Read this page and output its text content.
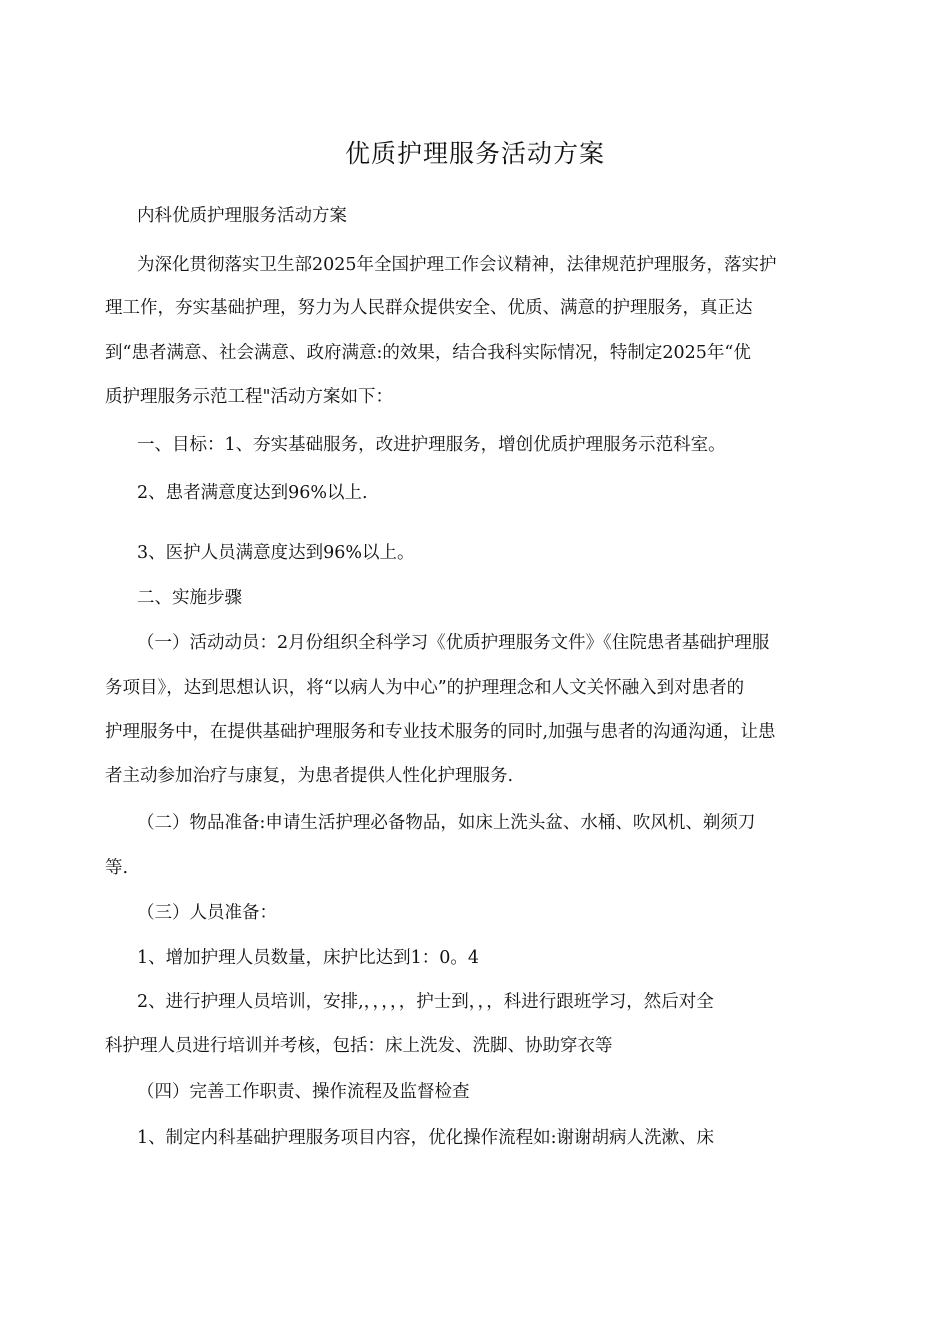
优质护理服务活动方案
内科优质护理服务活动方案
为深化贯彻落实卫生部2025年全国护理工作会议精神，法律规范护理服务，落实护
理工作，夯实基础护理，努力为人民群众提供安全、优质、满意的护理服务，真正达
到“患者满意、社会满意、政府满意:的效果，结合我科实际情况，特制定2025年“优
质护理服务示范工程"活动方案如下：
一、目标：1、夯实基础服务，改进护理服务，增创优质护理服务示范科室。
2、患者满意度达到96%以上.
3、医护人员满意度达到96%以上。
二、实施步骤
（一）活动动员：2月份组织全科学习《优质护理服务文件》《住院患者基础护理服
务项目》，达到思想认识，将“以病人为中心”的护理理念和人文关怀融入到对患者的
护理服务中，在提供基础护理服务和专业技术服务的同时,加强与患者的沟通沟通，让患
者主动参加治疗与康复，为患者提供人性化护理服务.
（二）物品准备:申请生活护理必备物品，如床上洗头盆、水桶、吹风机、剃须刀
等.
（三）人员准备：
1、增加护理人员数量，床护比达到1：0。4
2、进行护理人员培训，安排,，，，，，护士到，，，科进行跟班学习，然后对全
科护理人员进行培训并考核，包括：床上洗发、洗脚、协助穿衣等
（四）完善工作职责、操作流程及监督检查
1、制定内科基础护理服务项目内容，优化操作流程如:谢谢胡病人洗漱、床
